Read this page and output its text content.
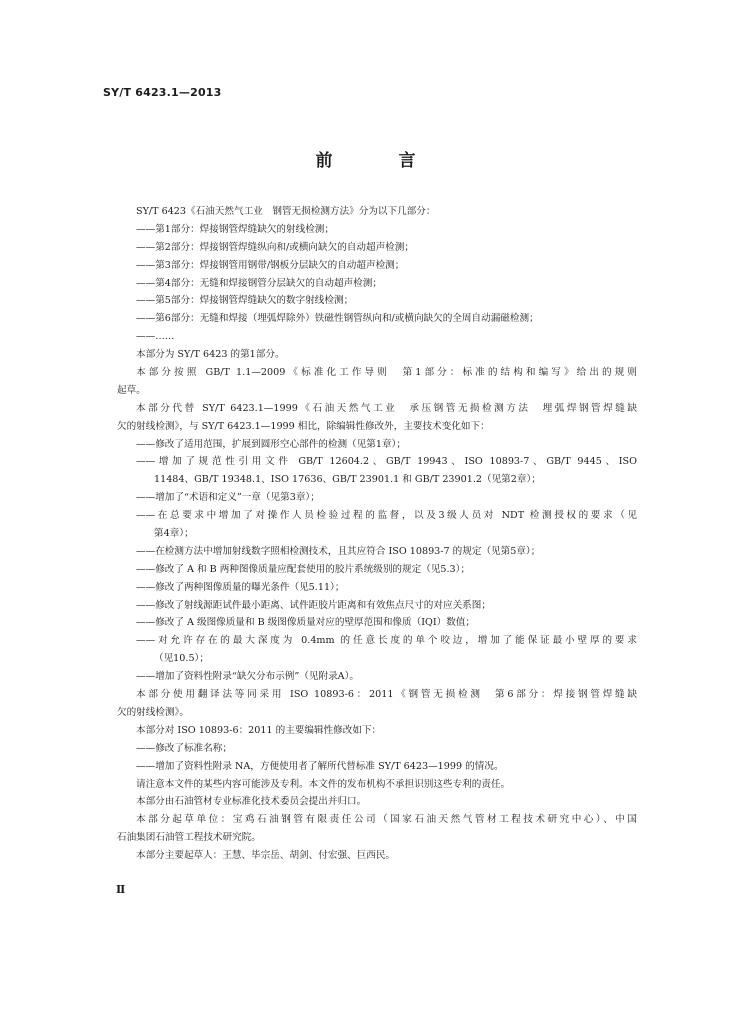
SY/T 6423.1—2013
前 言
SY/T 6423《石油天然气工业　钢管无损检测方法》分为以下几部分：
——第1部分：焊接钢管焊缝缺欠的射线检测；
——第2部分：焊接钢管焊缝纵向和/或横向缺欠的自动超声检测；
——第3部分：焊接钢管用钢带/钢板分层缺欠的自动超声检测；
——第4部分：无缝和焊接钢管分层缺欠的自动超声检测；
——第5部分：焊接钢管焊缝缺欠的数字射线检测；
——第6部分：无缝和焊接（埋弧焊除外）铁磁性钢管纵向和/或横向缺欠的全周自动漏磁检测；
——……
本部分为 SY/T 6423 的第1部分。
本部分按照 GB/T 1.1—2009《标准化工作导则　第1部分：标准的结构和编写》给出的规则
起草。
本部分代替 SY/T 6423.1—1999《石油天然气工业　承压钢管无损检测方法　埋弧焊钢管焊缝缺
欠的射线检测》，与 SY/T 6423.1—1999 相比，除编辑性修改外，主要技术变化如下：
——修改了适用范围，扩展到圆形空心部件的检测（见第1章）；
——增加了规范性引用文件 GB/T 12604.2、GB/T 19943、ISO 10893-7、GB/T 9445、ISO
11484、GB/T 19348.1、ISO 17636、GB/T 23901.1 和 GB/T 23901.2（见第2章）；
——增加了“术语和定义”一章（见第3章）；
——在总要求中增加了对操作人员检验过程的监督，以及3级人员对 NDT 检测授权的要求（见
第4章）；
——在检测方法中增加射线数字照相检测技术，且其应符合 ISO 10893-7 的规定（见第5章）；
——修改了 A 和 B 两种图像质量应配套使用的胶片系统级别的规定（见5.3）；
——修改了两种图像质量的曝光条件（见5.11）；
——修改了射线源距试件最小距离、试件距胶片距离和有效焦点尺寸的对应关系图；
——修改了 A 级图像质量和 B 级图像质量对应的壁厚范围和像质（IQI）数值；
——对允许存在的最大深度为 0.4mm 的任意长度的单个咬边，增加了能保证最小壁厚的要求
（见10.5）；
——增加了资料性附录“缺欠分布示例”（见附录A）。
本部分使用翻译法等同采用 ISO 10893-6：2011《钢管无损检测　第6部分：焊接钢管焊缝缺
欠的射线检测》。
本部分对 ISO 10893-6：2011 的主要编辑性修改如下：
——修改了标准名称；
——增加了资料性附录 NA，方便使用者了解所代替标准 SY/T 6423—1999 的情况。
请注意本文件的某些内容可能涉及专利。本文件的发布机构不承担识别这些专利的责任。
本部分由石油管材专业标准化技术委员会提出并归口。
本部分起草单位：宝鸡石油钢管有限责任公司（国家石油天然气管材工程技术研究中心）、中国
石油集团石油管工程技术研究院。
本部分主要起草人：王慧、毕宗岳、胡剑、付宏强、巨西民。
Ⅱ
